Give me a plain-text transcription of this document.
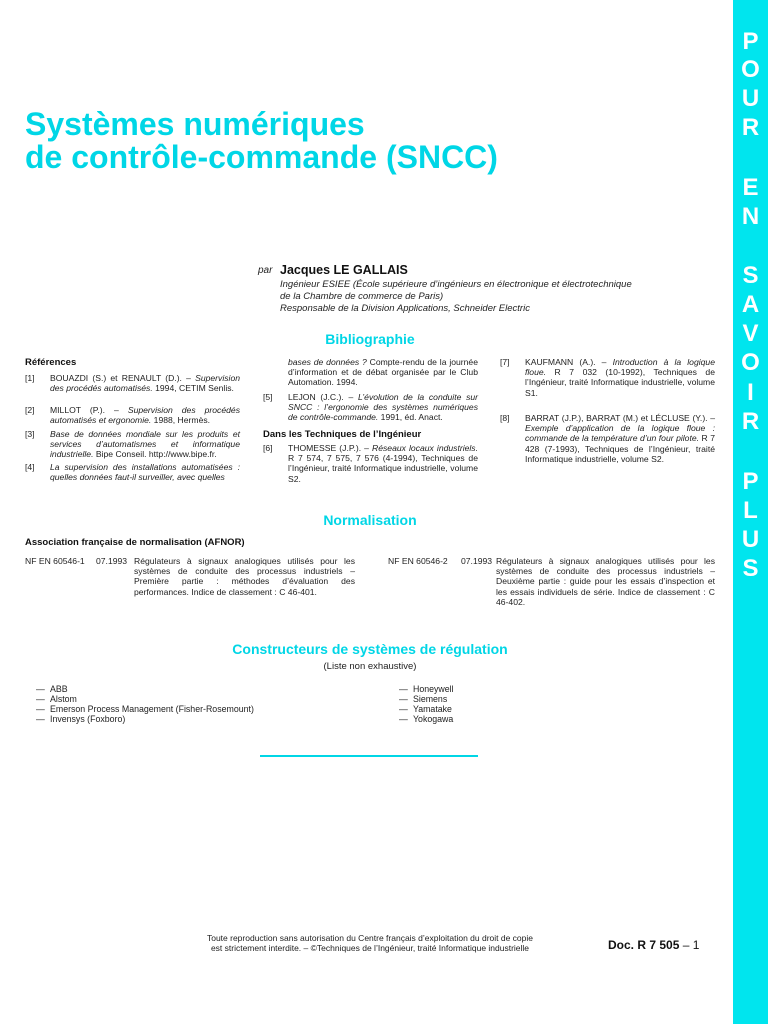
P
O
U
R
E
N
S
A
V
O
I
R
P
L
U
S
Systèmes numériques
de contrôle-commande (SNCC)
par Jacques LE GALLAIS
Ingénieur ESIEE (École supérieure d’ingénieurs en électronique et électrotechnique
de la Chambre de commerce de Paris)
Responsable de la Division Applications, Schneider Electric
Bibliographie
Références
[1] BOUAZDI (S.) et RENAULT (D.). – Supervision des procédés automatisés. 1994, CETIM Senlis.
[2] MILLOT (P.). – Supervision des procédés automatisés et ergonomie. 1988, Hermès.
[3] Base de données mondiale sur les produits et services d’automatismes et informatique industrielle. Bipe Conseil. http://www.bipe.fr.
[4] La supervision des installations automatisées : quelles données faut-il surveiller, avec quelles
bases de données ? Compte-rendu de la journée d’information et de débat organisée par le Club Automation. 1994.
[5] LEJON (J.C.). – L’évolution de la conduite sur SNCC : l’ergonomie des systèmes numériques de contrôle-commande. 1991, éd. Anact.
Dans les Techniques de l’Ingénieur
[6] THOMESSE (J.P.). – Réseaux locaux industriels. R 7 574, 7 575, 7 576 (4-1994), Techniques de l’Ingénieur, traité Informatique industrielle, volume S2.
[7] KAUFMANN (A.). – Introduction à la logique floue. R 7 032 (10-1992), Techniques de l’Ingénieur, traité Informatique industrielle, volume S1.
[8] BARRAT (J.P.), BARRAT (M.) et LÉCLUSE (Y.). – Exemple d’application de la logique floue : commande de la température d’un four pilote. R 7 428 (7-1993), Techniques de l’Ingénieur, traité Informatique industrielle, volume S2.
Normalisation
Association française de normalisation (AFNOR)
NF EN 60546-1 07.1993 Régulateurs à signaux analogiques utilisés pour les systèmes de conduite des processus industriels – Première partie : méthodes d’évaluation des performances. Indice de classement : C 46-401.
NF EN 60546-2 07.1993 Régulateurs à signaux analogiques utilisés pour les systèmes de conduite des processus industriels – Deuxième partie : guide pour les essais d’inspection et les essais individuels de série. Indice de classement : C 46-402.
Constructeurs de systèmes de régulation
(Liste non exhaustive)
— ABB
— Alstom
— Emerson Process Management (Fisher-Rosemount)
— Invensys (Foxboro)
— Honeywell
— Siemens
— Yamatake
— Yokogawa
Toute reproduction sans autorisation du Centre français d’exploitation du droit de copie
est strictement interdite. – ©Techniques de l’Ingénieur, traité Informatique industrielle	Doc. R 7 505 – 1
